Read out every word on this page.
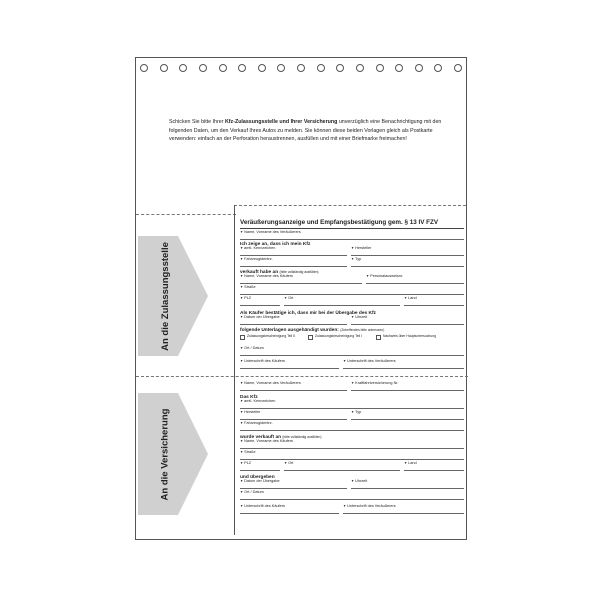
Schicken Sie bitte Ihrer Kfz-Zulassungsstelle und Ihrer Versicherung unverzüglich eine Benachrichtigung mit den folgenden Daten, um den Verkauf Ihres Autos zu melden. Sie können diese beiden Vorlagen gleich als Postkarte verwenden: einfach an der Perforation heraustrennen, ausfüllen und mit einer Briefmarke freimachen!

An die Zulassungsstelle
An die Versicherung
Veräußerungsanzeige und Empfangsbestätigung gem. § 13 IV FZV
▼ Name, Vorname des Veräußerers
Ich zeige an, dass ich mein Kfz
▼ amtl. Kennzeichen	▼ Hersteller
▼ Fahrzeugidentnr.	▼ Typ
verkauft habe an (bitte vollständig ausfüllen)
▼ Name, Vorname des Käufers	▼ Personalausweisnr.
▼ Straße
▼ PLZ	▼ Ort	▼ Land
Als Käufer bestätige ich, dass mir bei der Übergabe des Kfz
▼ Datum der Übergabe	▼ Uhrzeit
folgende Unterlagen ausgehändigt wurden: (Zutreffendes bitte ankreuzen)
Zulassungsbescheinigung Teil II	Zulassungsbescheinigung Teil I	Nachweis über Hauptuntersuchung
▼ Ort / Datum
▼ Unterschrift des Käufers	▼ Unterschrift des Veräußerers
▼ Name, Vorname des Veräußerers	▼ Kraftfahrtversicherung Nr.
Das Kfz
▼ amtl. Kennzeichen
▼ Hersteller	▼ Typ
▼ Fahrzeugidentnr.
wurde verkauft an (bitte vollständig ausfüllen)
▼ Name, Vorname des Käufers
▼ Straße
▼ PLZ	▼ Ort	▼ Land
und übergeben
▼ Datum der Übergabe	▼ Uhrzeit
▼ Ort / Datum
▼ Unterschrift des Käufers	▼ Unterschrift des Veräußerers
